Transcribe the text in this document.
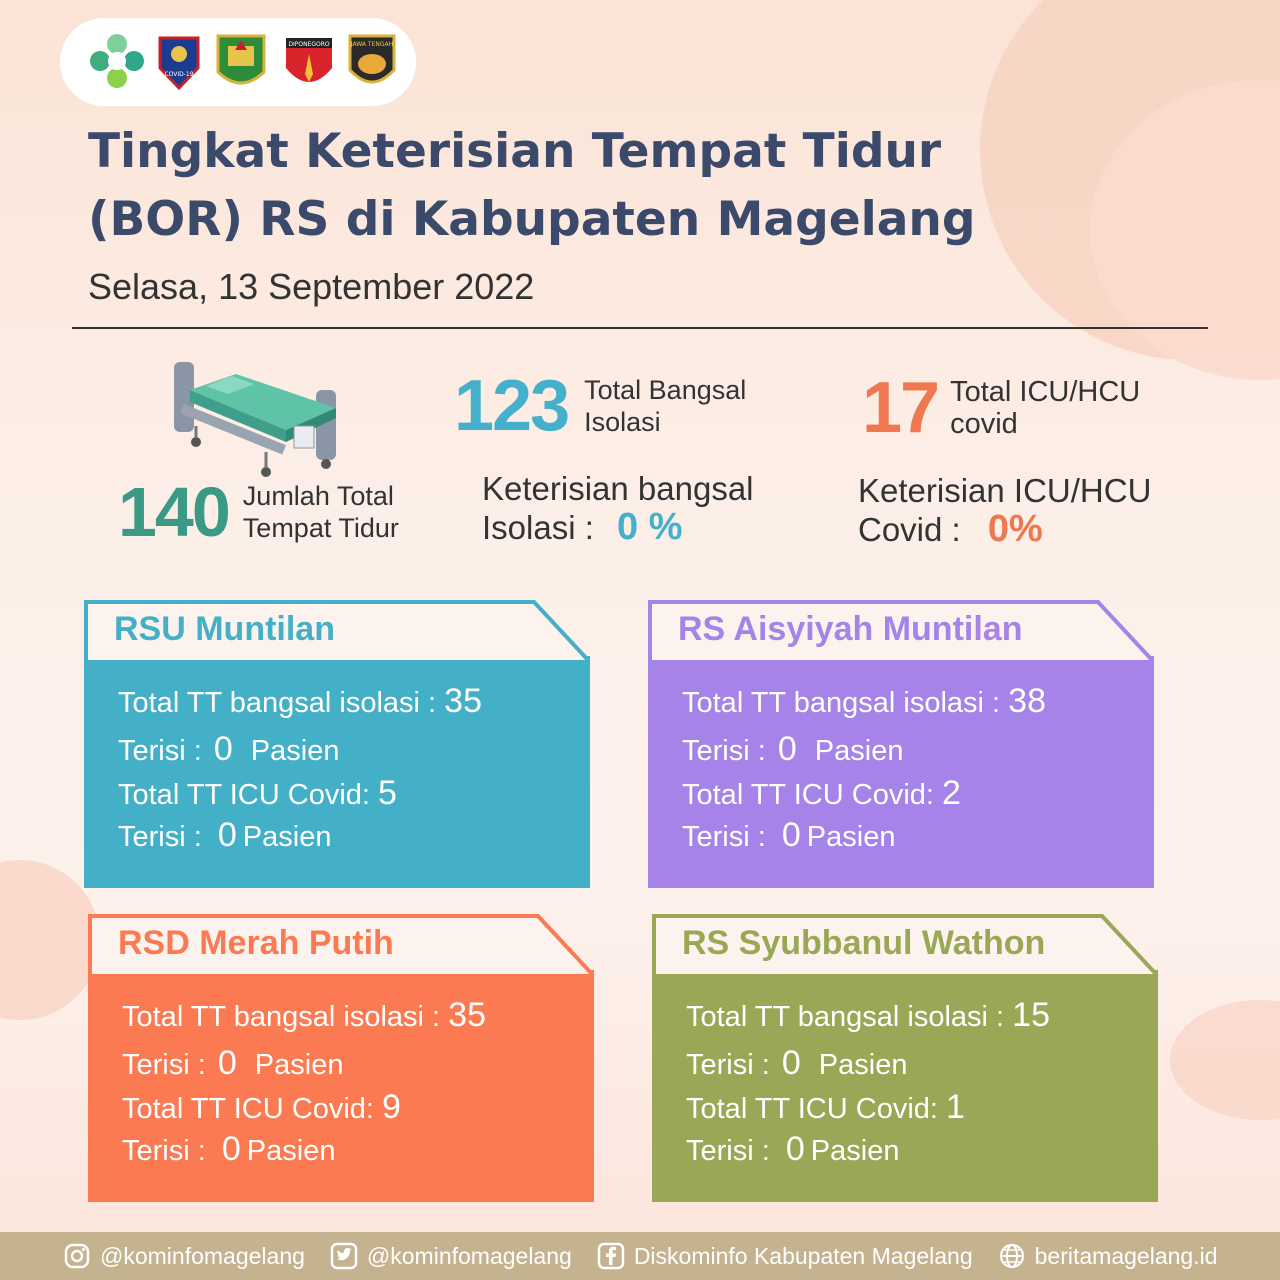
COVID-19
DIPONEGORO	JAWA TENGAH
Tingkat Keterisian Tempat Tidur
(BOR) RS di Kabupaten Magelang
Selasa, 13 September 2022
140 Jumlah Total
Tempat Tidur
123 Total Bangsal
Isolasi	17 Total ICU/HCU
covid
Keterisian bangsal
Isolasi : 0 %
Keterisian ICU/HCU
Covid : 0%
RSU Muntilan
Total TT bangsal isolasi : 35
Terisi : 0 Pasien
Total TT ICU Covid: 5
Terisi : 0 Pasien
RS Aisyiyah Muntilan
Total TT bangsal isolasi : 38
Terisi : 0 Pasien
Total TT ICU Covid: 2
Terisi : 0 Pasien
RSD Merah Putih
Total TT bangsal isolasi : 35
Terisi : 0 Pasien
Total TT ICU Covid: 9
Terisi : 0 Pasien
RS Syubbanul Wathon
Total TT bangsal isolasi : 15
Terisi : 0 Pasien
Total TT ICU Covid: 1
Terisi : 0 Pasien
@kominfomagelang	@kominfomagelang	Diskominfo Kabupaten Magelang	beritamagelang.id
